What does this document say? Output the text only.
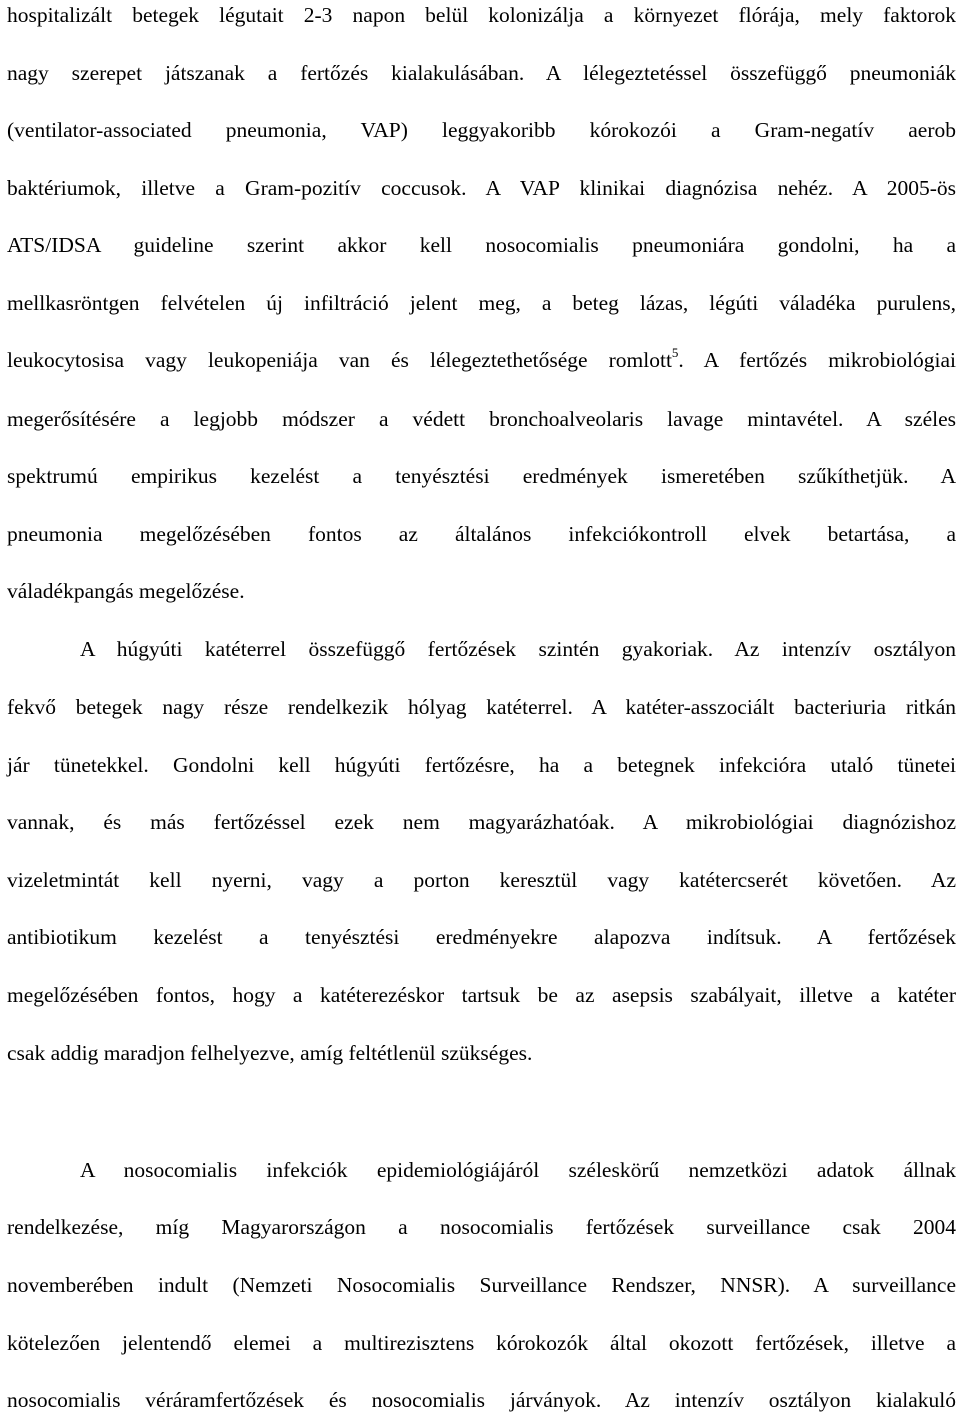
hospitalizált betegek légutait 2-3 napon belül kolonizálja a környezet flórája, mely faktorok
nagy szerepet játszanak a fertőzés kialakulásában. A lélegeztetéssel összefüggő pneumoniák
(ventilator-associated pneumonia, VAP) leggyakoribb kórokozói a Gram-negatív aerob
baktériumok, illetve a Gram-pozitív coccusok. A VAP klinikai diagnózisa nehéz. A 2005-ös
ATS/IDSA guideline szerint akkor kell nosocomialis pneumoniára gondolni, ha a
mellkasröntgen felvételen új infiltráció jelent meg, a beteg lázas, légúti váladéka purulens,
leukocytosisa vagy leukopeniája van és lélegeztethetősége romlott$^5$. A fertőzés mikrobiológiai
megerősítésére a legjobb módszer a védett bronchoalveolaris lavage mintavétel. A széles
spektrumú empirikus kezelést a tenyésztési eredmények ismeretében szűkíthetjük. A
pneumonia megelőzésében fontos az általános infekciókontroll elvek betartása, a
váladékpangás megelőzése.
A húgyúti katéterrel összefüggő fertőzések szintén gyakoriak. Az intenzív osztályon
fekvő betegek nagy része rendelkezik hólyag katéterrel. A katéter-asszociált bacteriuria ritkán
jár tünetekkel. Gondolni kell húgyúti fertőzésre, ha a betegnek infekcióra utaló tünetei
vannak, és más fertőzéssel ezek nem magyarázhatóak. A mikrobiológiai diagnózishoz
vizeletmintát kell nyerni, vagy a porton keresztül vagy katétercserét követően. Az
antibiotikum kezelést a tenyésztési eredményekre alapozva indítsuk. A fertőzések
megelőzésében fontos, hogy a katéterezéskor tartsuk be az asepsis szabályait, illetve a katéter
csak addig maradjon felhelyezve, amíg feltétlenül szükséges.
A nosocomialis infekciók epidemiológiájáról széleskörű nemzetközi adatok állnak
rendelkezése, míg Magyarországon a nosocomialis fertőzések surveillance csak 2004
novemberében indult (Nemzeti Nosocomialis Surveillance Rendszer, NNSR). A surveillance
kötelezően jelentendő elemei a multirezisztens kórokozók által okozott fertőzések, illetve a
nosocomialis véráramfertőzések és nosocomialis járványok. Az intenzív osztályon kialakuló
